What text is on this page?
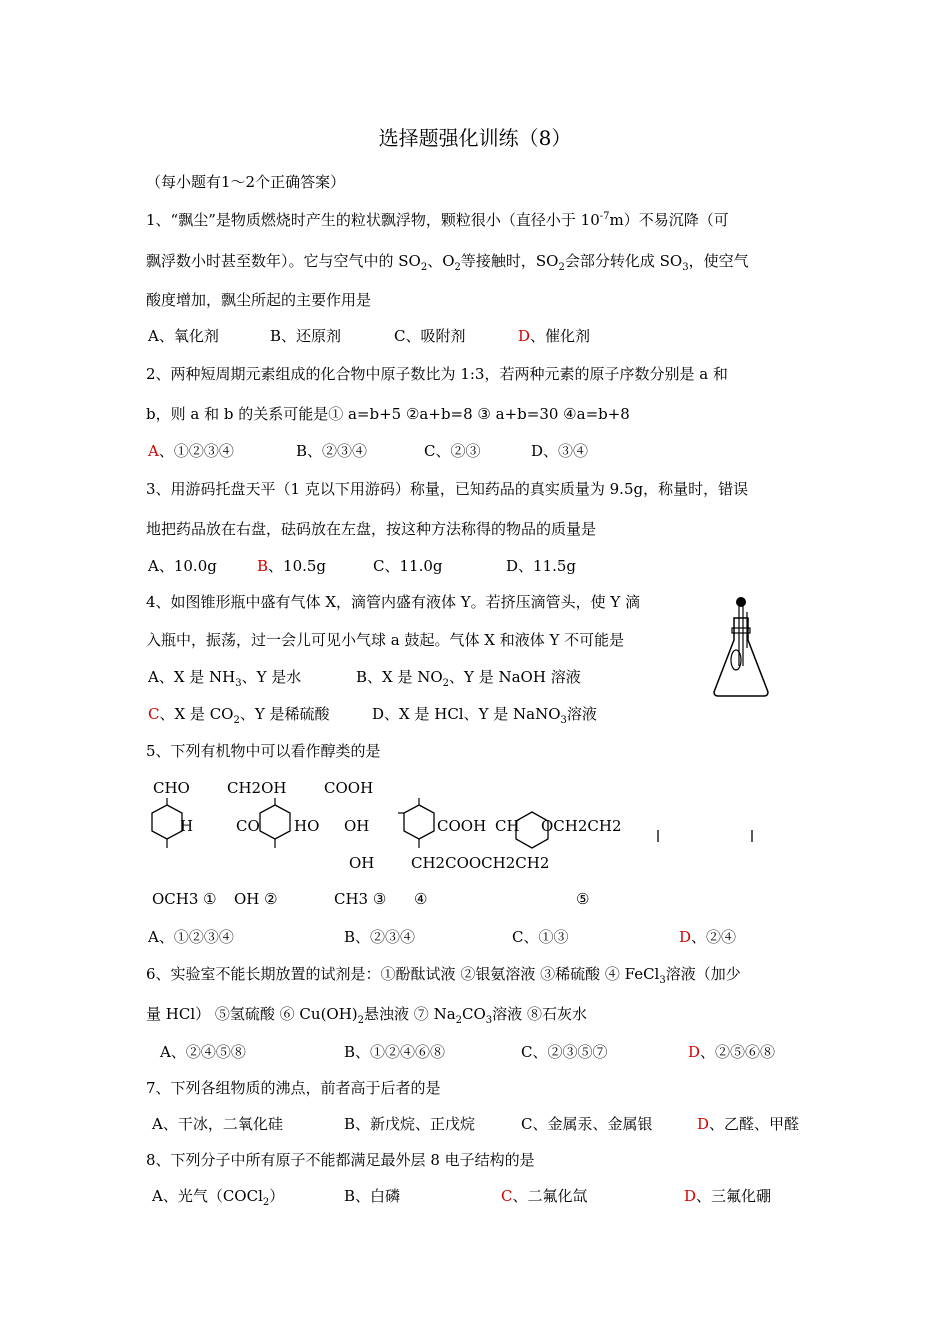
选择题强化训练（8）
（每小题有1～2个正确答案）
1、“飘尘”是物质燃烧时产生的粒状飘浮物，颗粒很小（直径小于 $10^{-7}m$）不易沉降（可
飘浮数小时甚至数年）。它与空气中的 $SO_2$、$O_2$等接触时，$SO_2$会部分转化成 $SO_3$，使空气
酸度增加，飘尘所起的主要作用是
A、氧化剂	B、还原剂	C、吸附剂	D、催化剂
2、两种短周期元素组成的化合物中原子数比为 1:3，若两种元素的原子序数分别是 a 和
b，则 a 和 b 的关系可能是① a=b+5 ②a+b=8 ③ a+b=30 ④a=b+8
A、①②③④	B、②③④	C、②③	D、③④
3、用游码托盘天平（1 克以下用游码）称量，已知药品的真实质量为 9.5g，称量时，错误
地把药品放在右盘，砝码放在左盘，按这种方法称得的物品的质量是
A、10.0g	B、10.5g	C、11.0g	D、11.5g
4、如图锥形瓶中盛有气体 X，滴管内盛有液体 Y。若挤压滴管头，使 Y 滴
入瓶中，振荡，过一会儿可见小气球 a 鼓起。气体 X 和液体 Y 不可能是
A、X 是 $NH_3$、Y 是水	B、X 是 $NO_2$、Y 是 NaOH 溶液
C、X 是 $CO_2$、Y 是稀硫酸	D、X 是 HCl、Y 是 NaNO$_3$溶液
5、下列有机物中可以看作醇类的是
CHO CH2OH	COOH
H	CO HO OH	COOH CH OCH2CH2
OH CH2COOCH2CH2
OCH3 ① OH ②	CH3 ③ ④	⑤
A、①②③④	B、②③④	C、①③	D、②④
6、实验室不能长期放置的试剂是：①酚酞试液 ②银氨溶液 ③稀硫酸 ④ FeCl$_3$溶液（加少
量 HCl） ⑤氢硫酸 ⑥ $Cu(OH)_2$悬浊液 ⑦ $Na_2CO_3$溶液 ⑧石灰水
A、②④⑤⑧	B、①②④⑥⑧	C、②③⑤⑦	D、②⑤⑥⑧
7、下列各组物质的沸点，前者高于后者的是
A、干冰，二氧化硅	B、新戊烷、正戊烷	C、金属汞、金属银	D、乙醛、甲醛
8、下列分子中所有原子不能都满足最外层 8 电子结构的是
A、光气（COCl$_2$）	B、白磷	C、二氟化氙	D、三氟化硼
